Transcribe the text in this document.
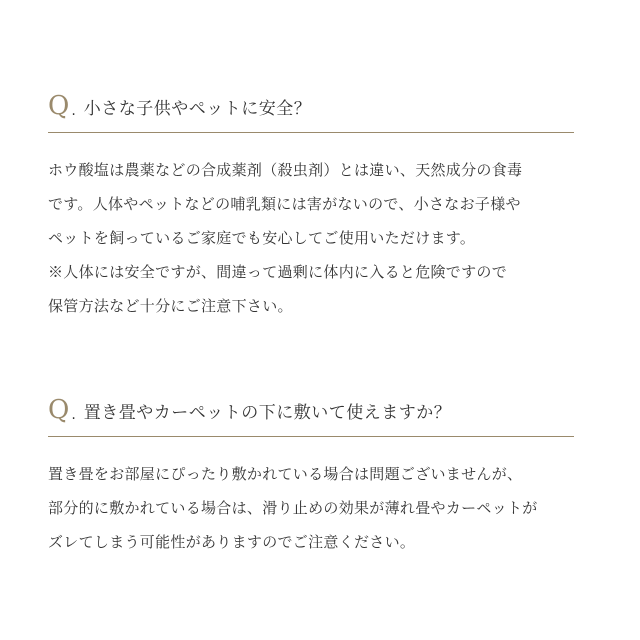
Q . 小さな子供やペットに安全？
ホウ酸塩は農薬などの合成薬剤（殺虫剤）とは違い、天然成分の食毒
です。人体やペットなどの哺乳類には害がないので、小さなお子様や
ペットを飼っているご家庭でも安心してご使用いただけます。
※人体には安全ですが、間違って過剰に体内に入ると危険ですので
保管方法など十分にご注意下さい。
Q . 置き畳やカーペットの下に敷いて使えますか？
置き畳をお部屋にぴったり敷かれている場合は問題ございませんが、
部分的に敷かれている場合は、滑り止めの効果が薄れ畳やカーペットが
ズレてしまう可能性がありますのでご注意ください。
